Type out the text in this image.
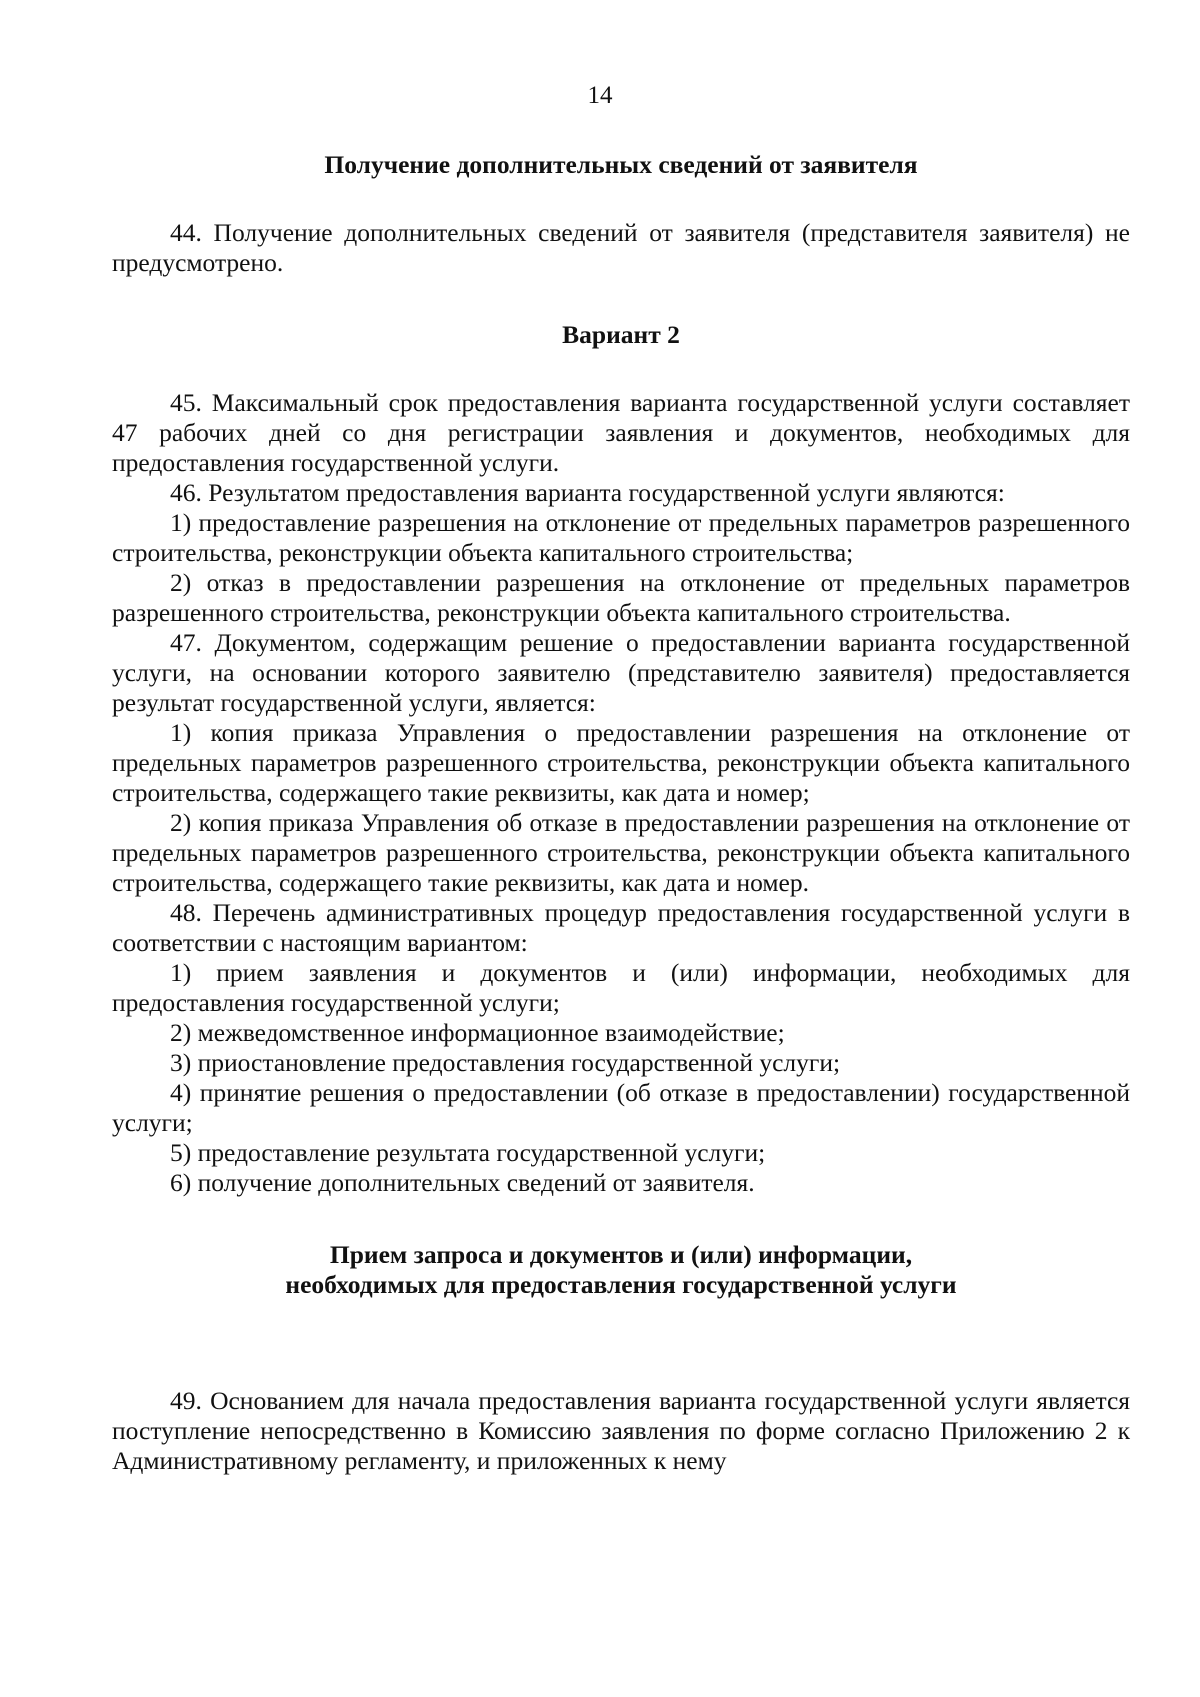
14

Получение дополнительных сведений от заявителя

44. Получение дополнительных сведений от заявителя (представителя заявителя) не предусмотрено.

Вариант 2

45. Максимальный срок предоставления варианта государственной услуги составляет 47 рабочих дней со дня регистрации заявления и документов, необходимых для предоставления государственной услуги.

46. Результатом предоставления варианта государственной услуги являются:

1) предоставление разрешения на отклонение от предельных параметров разрешенного строительства, реконструкции объекта капитального строительства;

2) отказ в предоставлении разрешения на отклонение от предельных параметров разрешенного строительства, реконструкции объекта капитального строительства.

47. Документом, содержащим решение о предоставлении варианта государственной услуги, на основании которого заявителю (представителю заявителя) предоставляется результат государственной услуги, является:

1) копия приказа Управления о предоставлении разрешения на отклонение от предельных параметров разрешенного строительства, реконструкции объекта капитального строительства, содержащего такие реквизиты, как дата и номер;

2) копия приказа Управления об отказе в предоставлении разрешения на отклонение от предельных параметров разрешенного строительства, реконструкции объекта капитального строительства, содержащего такие реквизиты, как дата и номер.

48. Перечень административных процедур предоставления государственной услуги в соответствии с настоящим вариантом:

1) прием заявления и документов и (или) информации, необходимых для предоставления государственной услуги;

2) межведомственное информационное взаимодействие;

3) приостановление предоставления государственной услуги;

4) принятие решения о предоставлении (об отказе в предоставлении) государственной услуги;

5) предоставление результата государственной услуги;

6) получение дополнительных сведений от заявителя.

Прием запроса и документов и (или) информации,

необходимых для предоставления государственной услуги

49. Основанием для начала предоставления варианта государственной услуги является поступление непосредственно в Комиссию заявления по форме согласно Приложению 2 к Административному регламенту, и приложенных к нему
